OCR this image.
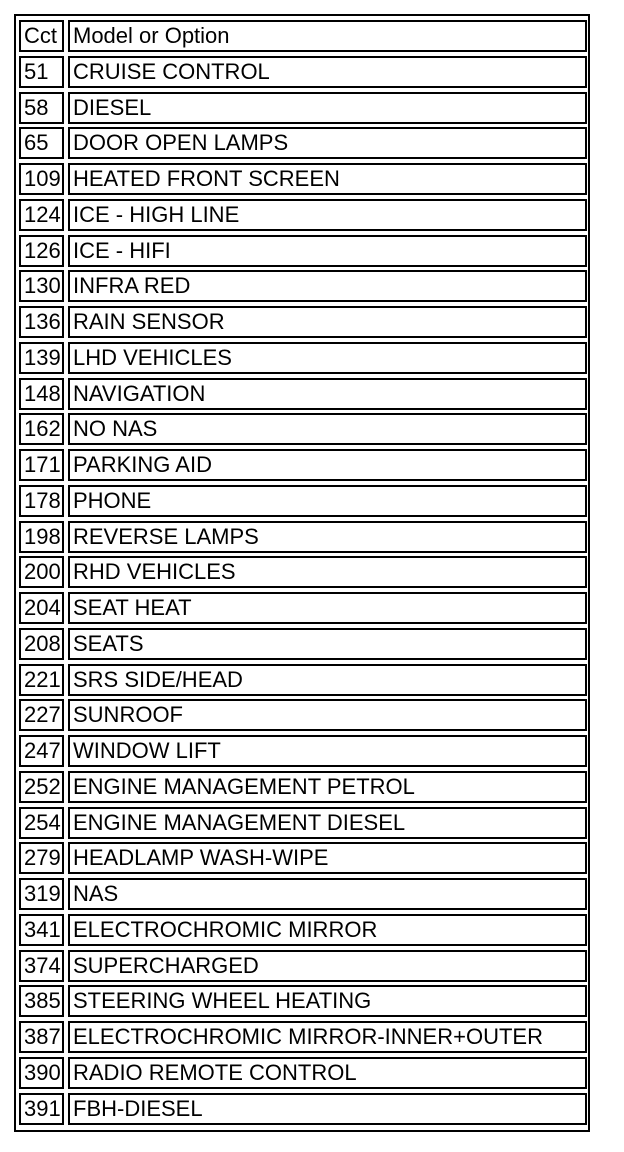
Cct Model or Option
51	CRUISE CONTROL
58	DIESEL
65	DOOR OPEN LAMPS
109 HEATED FRONT SCREEN
124 ICE - HIGH LINE
126 ICE - HIFI
130 INFRA RED
136 RAIN SENSOR
139 LHD VEHICLES
148 NAVIGATION
162 NO NAS
171 PARKING AID
178 PHONE
198 REVERSE LAMPS
200 RHD VEHICLES
204 SEAT HEAT
208 SEATS
221 SRS SIDE/HEAD
227 SUNROOF
247 WINDOW LIFT
252 ENGINE MANAGEMENT PETROL
254 ENGINE MANAGEMENT DIESEL
279 HEADLAMP WASH-WIPE
319 NAS
341 ELECTROCHROMIC MIRROR
374 SUPERCHARGED
385 STEERING WHEEL HEATING
387 ELECTROCHROMIC MIRROR-INNER+OUTER
390 RADIO REMOTE CONTROL
391 FBH-DIESEL
